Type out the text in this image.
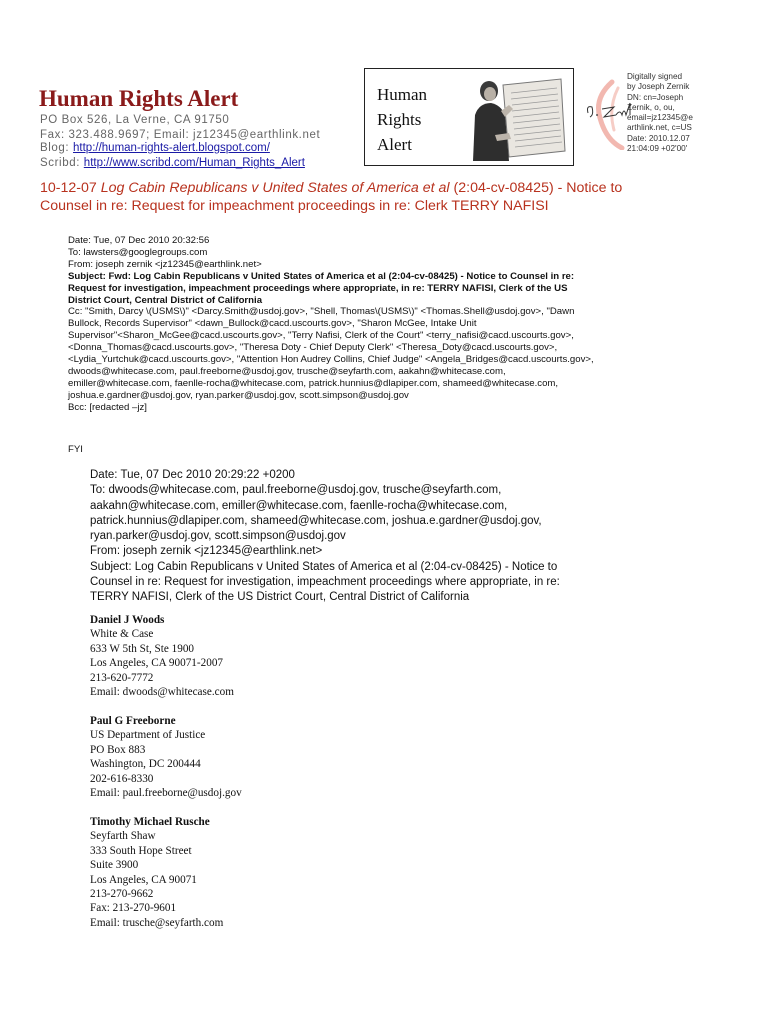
Human Rights Alert
PO Box 526, La Verne, CA 91750
Fax: 323.488.9697; Email: jz12345@earthlink.net
Blog: http://human-rights-alert.blogspot.com/
Scribd: http://www.scribd.com/Human_Rights_Alert
Human
Rights
Alert
Digitally signed
by Joseph Zernik
DN: cn=Joseph
Zernik, o, ou,
email=jz12345@e
arthlink.net, c=US
Date: 2010.12.07
21:04:09 +02'00'
10-12-07 Log Cabin Republicans v United States of America et al (2:04-cv-08425) - Notice to
Counsel in re: Request for impeachment proceedings in re: Clerk TERRY NAFISI
Date: Tue, 07 Dec 2010 20:32:56
To: lawsters@googlegroups.com
From: joseph zernik <jz12345@earthlink.net>
Subject: Fwd: Log Cabin Republicans v United States of America et al (2:04-cv-08425) - Notice to Counsel in re:
Request for investigation, impeachment proceedings where appropriate, in re: TERRY NAFISI, Clerk of the US
District Court, Central District of California
Cc: "Smith, Darcy \(USMS\)" <Darcy.Smith@usdoj.gov>, "Shell, Thomas\(USMS\)" <Thomas.Shell@usdoj.gov>, "Dawn
Bullock, Records Supervisor" <dawn_Bullock@cacd.uscourts.gov>, "Sharon McGee, Intake Unit
Supervisor"<Sharon_McGee@cacd.uscourts.gov>, "Terry Nafisi, Clerk of the Court" <terry_nafisi@cacd.uscourts.gov>,
<Donna_Thomas@cacd.uscourts.gov>, "Theresa Doty - Chief Deputy Clerk" <Theresa_Doty@cacd.uscourts.gov>,
<Lydia_Yurtchuk@cacd.uscourts.gov>, "Attention Hon Audrey Collins, Chief Judge" <Angela_Bridges@cacd.uscourts.gov>,
dwoods@whitecase.com, paul.freeborne@usdoj.gov, trusche@seyfarth.com, aakahn@whitecase.com,
emiller@whitecase.com, faenlle-rocha@whitecase.com, patrick.hunnius@dlapiper.com, shameed@whitecase.com,
joshua.e.gardner@usdoj.gov, ryan.parker@usdoj.gov, scott.simpson@usdoj.gov
Bcc: [redacted –jz]
FYI
Date: Tue, 07 Dec 2010 20:29:22 +0200
To: dwoods@whitecase.com, paul.freeborne@usdoj.gov, trusche@seyfarth.com,
aakahn@whitecase.com, emiller@whitecase.com, faenlle-rocha@whitecase.com,
patrick.hunnius@dlapiper.com, shameed@whitecase.com, joshua.e.gardner@usdoj.gov,
ryan.parker@usdoj.gov, scott.simpson@usdoj.gov
From: joseph zernik <jz12345@earthlink.net>
Subject: Log Cabin Republicans v United States of America et al (2:04-cv-08425) - Notice to
Counsel in re: Request for investigation, impeachment proceedings where appropriate, in re:
TERRY NAFISI, Clerk of the US District Court, Central District of California
Daniel J Woods
White & Case
633 W 5th St, Ste 1900
Los Angeles, CA 90071-2007
213-620-7772
Email: dwoods@whitecase.com
Paul G Freeborne
US Department of Justice
PO Box 883
Washington, DC 200444
202-616-8330
Email: paul.freeborne@usdoj.gov
Timothy Michael Rusche
Seyfarth Shaw
333 South Hope Street
Suite 3900
Los Angeles, CA 90071
213-270-9662
Fax: 213-270-9601
Email: trusche@seyfarth.com
